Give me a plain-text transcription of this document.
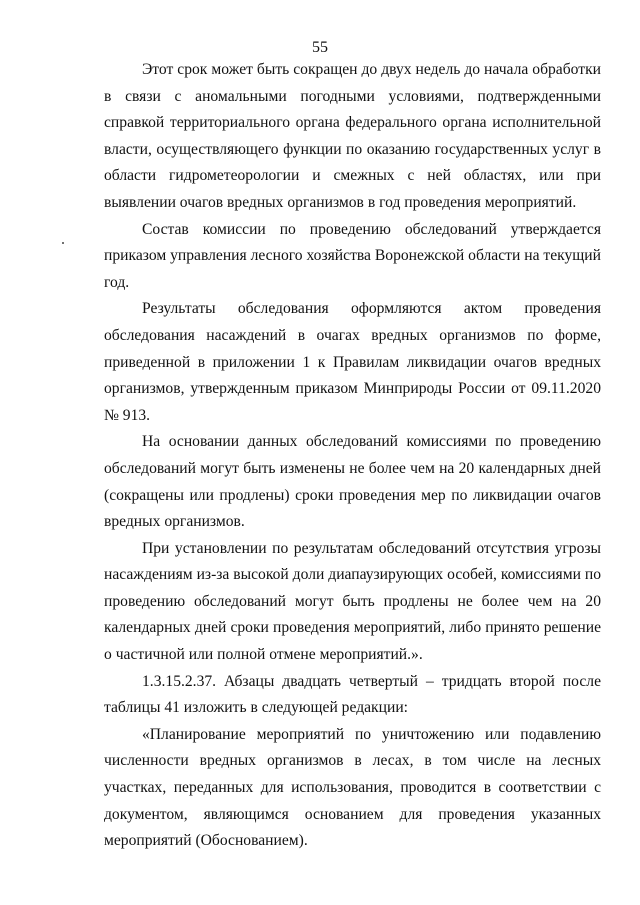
55

Этот срок может быть сокращен до двух недель до начала обработки в связи с аномальными погодными условиями, подтвержденными справкой территориального органа федерального органа исполнительной власти, осуществляющего функции по оказанию государственных услуг в области гидрометеорологии и смежных с ней областях, или при выявлении очагов вредных организмов в год проведения мероприятий.

Состав комиссии по проведению обследований утверждается приказом управления лесного хозяйства Воронежской области на текущий год.

Результаты обследования оформляются актом проведения обследования насаждений в очагах вредных организмов по форме, приведенной в приложении 1 к Правилам ликвидации очагов вредных организмов, утвержденным приказом Минприроды России от 09.11.2020 № 913.

На основании данных обследований комиссиями по проведению обследований могут быть изменены не более чем на 20 календарных дней (сокращены или продлены) сроки проведения мер по ликвидации очагов вредных организмов.

При установлении по результатам обследований отсутствия угрозы насаждениям из-за высокой доли диапаузирующих особей, комиссиями по проведению обследований могут быть продлены не более чем на 20 календарных дней сроки проведения мероприятий, либо принято решение о частичной или полной отмене мероприятий.».

1.3.15.2.37. Абзацы двадцать четвертый – тридцать второй после таблицы 41 изложить в следующей редакции:

«Планирование мероприятий по уничтожению или подавлению численности вредных организмов в лесах, в том числе на лесных участках, переданных для использования, проводится в соответствии с документом, являющимся основанием для проведения указанных мероприятий (Обоснованием).
